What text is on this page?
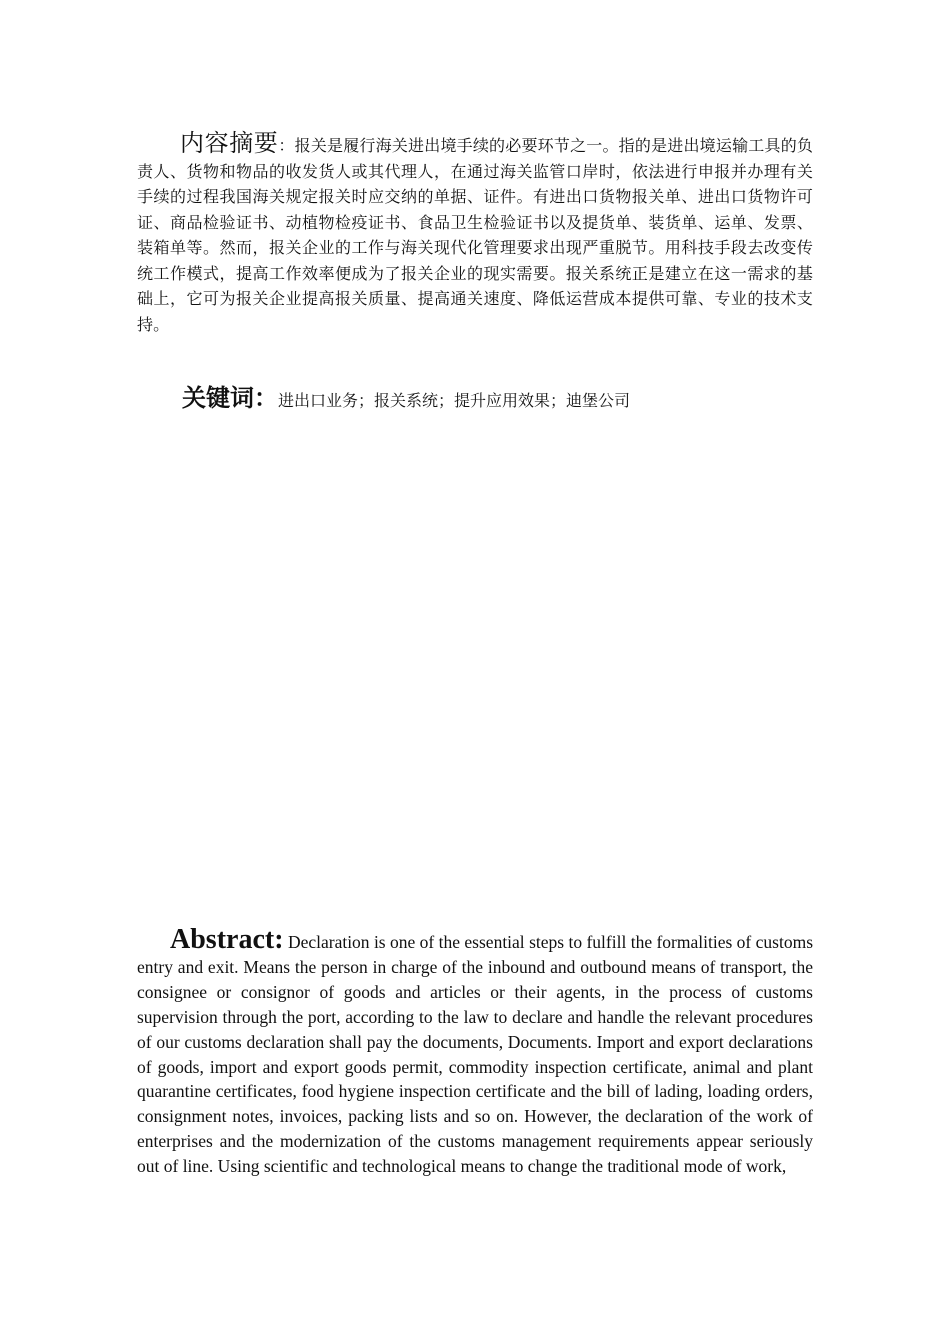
内容摘要：报关是履行海关进出境手续的必要环节之一。指的是进出境运输工具的负责人、货物和物品的收发货人或其代理人，在通过海关监管口岸时，依法进行申报并办理有关手续的过程我国海关规定报关时应交纳的单据、证件。有进出口货物报关单、进出口货物许可证、商品检验证书、动植物检疫证书、食品卫生检验证书以及提货单、装货单、运单、发票、装箱单等。然而，报关企业的工作与海关现代化管理要求出现严重脱节。用科技手段去改变传统工作模式，提高工作效率便成为了报关企业的现实需要。报关系统正是建立在这一需求的基础上，它可为报关企业提高报关质量、提高通关速度、降低运营成本提供可靠、专业的技术支持。
关键词：进出口业务；报关系统；提升应用效果；迪堡公司
Abstract: Declaration is one of the essential steps to fulfill the formalities of customs entry and exit. Means the person in charge of the inbound and outbound means of transport, the consignee or consignor of goods and articles or their agents, in the process of customs supervision through the port, according to the law to declare and handle the relevant procedures of our customs declaration shall pay the documents, Documents. Import and export declarations of goods, import and export goods permit, commodity inspection certificate, animal and plant quarantine certificates, food hygiene inspection certificate and the bill of lading, loading orders, consignment notes, invoices, packing lists and so on. However, the declaration of the work of enterprises and the modernization of the customs management requirements appear seriously out of line. Using scientific and technological means to change the traditional mode of work,
